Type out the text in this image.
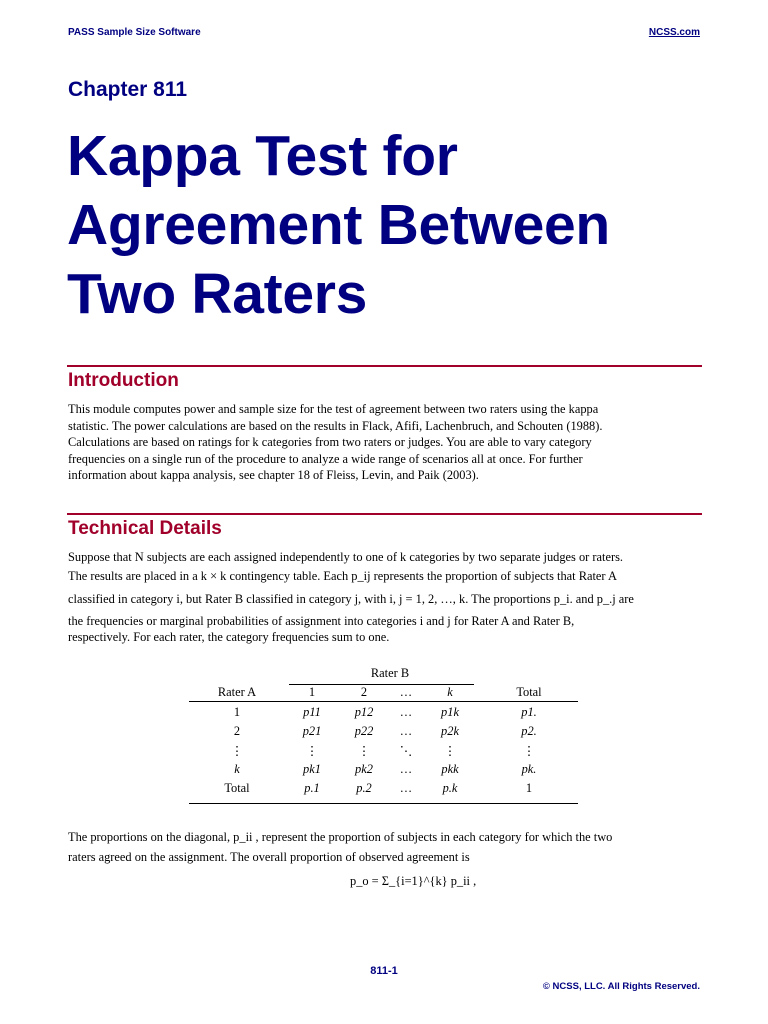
PASS Sample Size Software	NCSS.com
Chapter 811
Kappa Test for
Agreement Between
Two Raters
Introduction

This module computes power and sample size for the test of agreement between two raters using the kappa

statistic. The power calculations are based on the results in Flack, Afifi, Lachenbruch, and Schouten (1988).

Calculations are based on ratings for k categories from two raters or judges. You are able to vary category

frequencies on a single run of the procedure to analyze a wide range of scenarios all at once. For further

information about kappa analysis, see chapter 18 of Fleiss, Levin, and Paik (2003).

Technical Details

Suppose that N subjects are each assigned independently to one of k categories by two separate judges or raters.

The results are placed in a k × k contingency table. Each p_ij represents the proportion of subjects that Rater A

classified in category i, but Rater B classified in category j, with i, j = 1, 2, …, k. The proportions p_i. and p_.j are

the frequencies or marginal probabilities of assignment into categories i and j for Rater A and Rater B,

respectively. For each rater, the category frequencies sum to one.

Rater B
Rater A	1	2	…	k	Total
1	p11	p12	…	p1k	p1.
2	p21	p22	…	p2k	p2.
⋮	⋮	⋮	⋱	⋮	⋮
k	pk1	pk2	…	pkk	pk.
Total	p.1	p.2	…	p.k	1

The proportions on the diagonal, p_ii , represent the proportion of subjects in each category for which the two

raters agreed on the assignment. The overall proportion of observed agreement is

p_o = Σ_{i=1}^{k} p_ii ,
811-1
© NCSS, LLC. All Rights Reserved.
